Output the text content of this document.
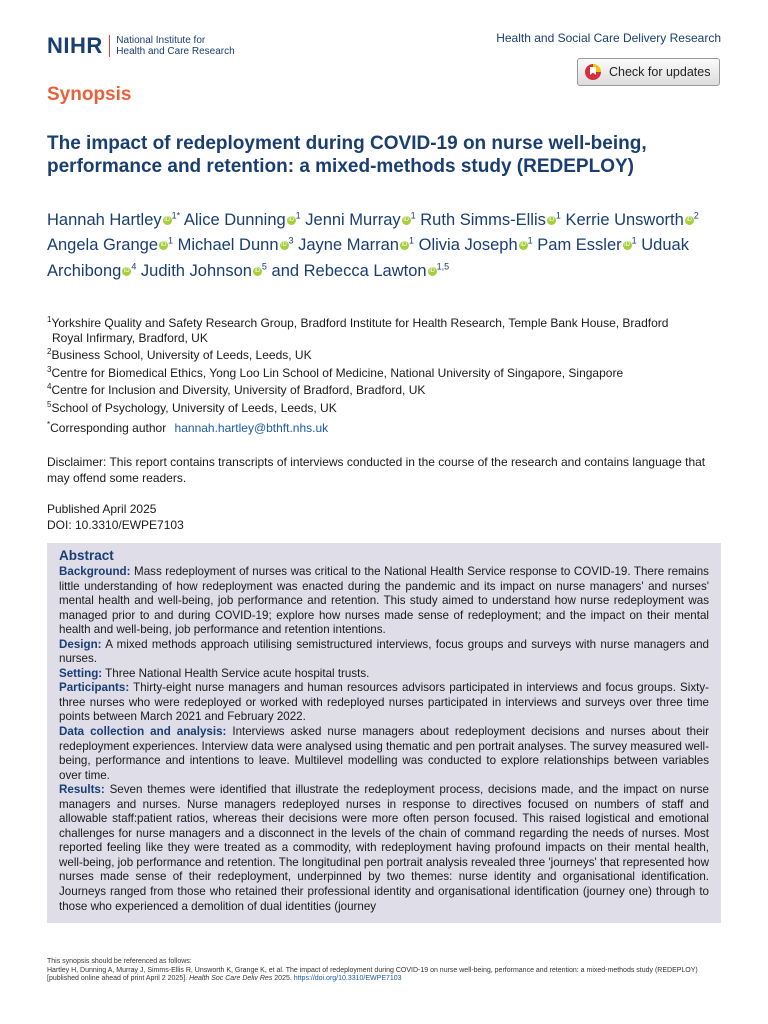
NIHR National Institute for
Health and Care Research
Health and Social Care Delivery Research
Check for updates
Synopsis
The impact of redeployment during COVID-19 on nurse well-being, performance and retention: a mixed-methods study (REDEPLOY)
Hannah Hartley iD $^{1*}$ Alice Dunning iD $^1$ Jenni Murray iD $^1$ Ruth Simms-Ellis iD $^1$ Kerrie Unsworth iD $^2$ Angela Grange iD $^1$ Michael Dunn iD $^3$ Jayne Marran iD $^1$ Olivia Joseph iD $^1$ Pam Essler iD $^1$ Uduak Archibong iD $^4$ Judith Johnson iD $^5$ and Rebecca Lawton iD $^{1,5}$
$^1$Yorkshire Quality and Safety Research Group, Bradford Institute for Health Research, Temple Bank House, Bradford
Royal Infirmary, Bradford, UK
$^2$Business School, University of Leeds, Leeds, UK
$^3$Centre for Biomedical Ethics, Yong Loo Lin School of Medicine, National University of Singapore, Singapore
$^4$Centre for Inclusion and Diversity, University of Bradford, Bradford, UK
$^5$School of Psychology, University of Leeds, Leeds, UK
*Corresponding author hannah.hartley@bthft.nhs.uk
Disclaimer: This report contains transcripts of interviews conducted in the course of the research and contains language that may offend some readers.
Published April 2025
DOI: 10.3310/EWPE7103
Abstract
Background: Mass redeployment of nurses was critical to the National Health Service response to COVID-19. There remains little understanding of how redeployment was enacted during the pandemic and its impact on nurse managers' and nurses' mental health and well-being, job performance and retention. This study aimed to understand how nurse redeployment was managed prior to and during COVID-19; explore how nurses made sense of redeployment; and the impact on their mental health and well-being, job performance and retention intentions.
Design: A mixed methods approach utilising semistructured interviews, focus groups and surveys with nurse managers and nurses.
Setting: Three National Health Service acute hospital trusts.
Participants: Thirty-eight nurse managers and human resources advisors participated in interviews and focus groups. Sixty-three nurses who were redeployed or worked with redeployed nurses participated in interviews and surveys over three time points between March 2021 and February 2022.
Data collection and analysis: Interviews asked nurse managers about redeployment decisions and nurses about their redeployment experiences. Interview data were analysed using thematic and pen portrait analyses. The survey measured well-being, performance and intentions to leave. Multilevel modelling was conducted to explore relationships between variables over time.
Results: Seven themes were identified that illustrate the redeployment process, decisions made, and the impact on nurse managers and nurses. Nurse managers redeployed nurses in response to directives focused on numbers of staff and allowable staff:patient ratios, whereas their decisions were more often person focused. This raised logistical and emotional challenges for nurse managers and a disconnect in the levels of the chain of command regarding the needs of nurses. Most reported feeling like they were treated as a commodity, with redeployment having profound impacts on their mental health, well-being, job performance and retention. The longitudinal pen portrait analysis revealed three 'journeys' that represented how nurses made sense of their redeployment, underpinned by two themes: nurse identity and organisational identification. Journeys ranged from those who retained their professional identity and organisational identification (journey one) through to those who experienced a demolition of dual identities (journey
This synopsis should be referenced as follows:
Hartley H, Dunning A, Murray J, Simms-Ellis R, Unsworth K, Grange K, et al. The impact of redeployment during COVID-19 on nurse well-being, performance and retention: a mixed-methods study (REDEPLOY) [published online ahead of print April 2 2025]. Health Soc Care Deliv Res 2025. https://doi.org/10.3310/EWPE7103
